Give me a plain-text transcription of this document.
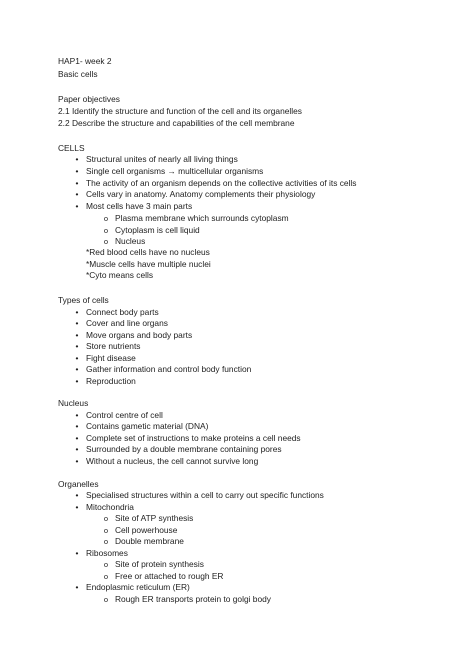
HAP1- week 2
Basic cells
Paper objectives
2.1 Identify the structure and function of the cell and its organelles
2.2 Describe the structure and capabilities of the cell membrane
CELLS
• Structural unites of nearly all living things
• Single cell organisms → multicellular organisms
• The activity of an organism depends on the collective activities of its cells
• Cells vary in anatomy. Anatomy complements their physiology
• Most cells have 3 main parts
o Plasma membrane which surrounds cytoplasm
o Cytoplasm is cell liquid
o Nucleus
*Red blood cells have no nucleus
*Muscle cells have multiple nuclei
*Cyto means cells
Types of cells
• Connect body parts
• Cover and line organs
• Move organs and body parts
• Store nutrients
• Fight disease
• Gather information and control body function
• Reproduction
Nucleus
• Control centre of cell
• Contains gametic material (DNA)
• Complete set of instructions to make proteins a cell needs
• Surrounded by a double membrane containing pores
• Without a nucleus, the cell cannot survive long
Organelles
• Specialised structures within a cell to carry out specific functions
• Mitochondria
o Site of ATP synthesis
o Cell powerhouse
o Double membrane
• Ribosomes
o Site of protein synthesis
o Free or attached to rough ER
• Endoplasmic reticulum (ER)
o Rough ER transports protein to golgi body
